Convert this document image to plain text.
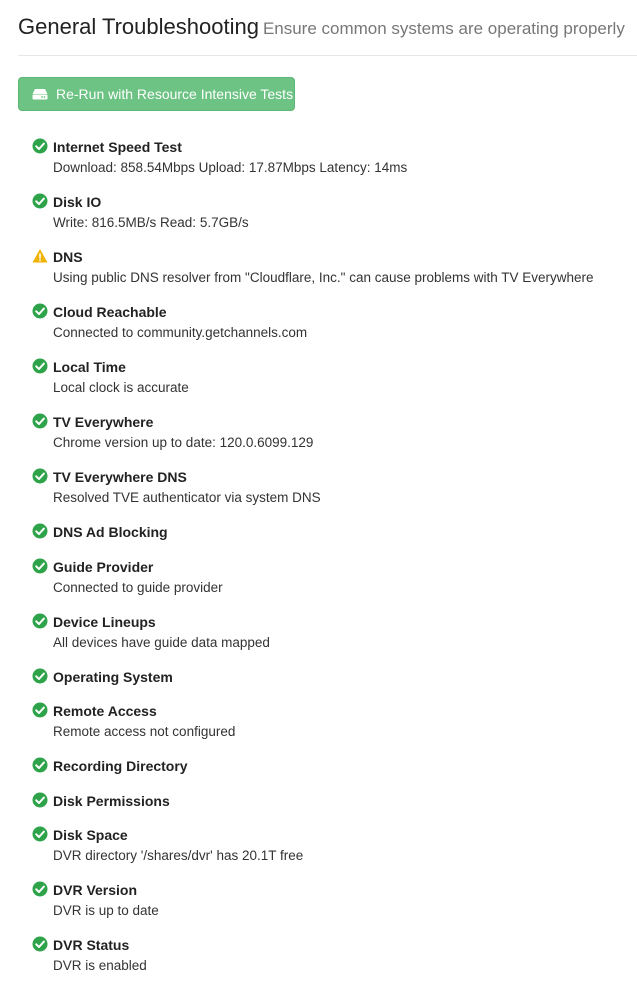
General Troubleshooting Ensure common systems are operating properly
Re-Run with Resource Intensive Tests
Internet Speed Test
Download: 858.54Mbps Upload: 17.87Mbps Latency: 14ms
Disk IO
Write: 816.5MB/s Read: 5.7GB/s
DNS
Using public DNS resolver from "Cloudflare, Inc." can cause problems with TV Everywhere
Cloud Reachable
Connected to community.getchannels.com
Local Time
Local clock is accurate
TV Everywhere
Chrome version up to date: 120.0.6099.129
TV Everywhere DNS
Resolved TVE authenticator via system DNS
DNS Ad Blocking
Guide Provider
Connected to guide provider
Device Lineups
All devices have guide data mapped
Operating System
Remote Access
Remote access not configured
Recording Directory
Disk Permissions
Disk Space
DVR directory '/shares/dvr' has 20.1T free
DVR Version
DVR is up to date
DVR Status
DVR is enabled
